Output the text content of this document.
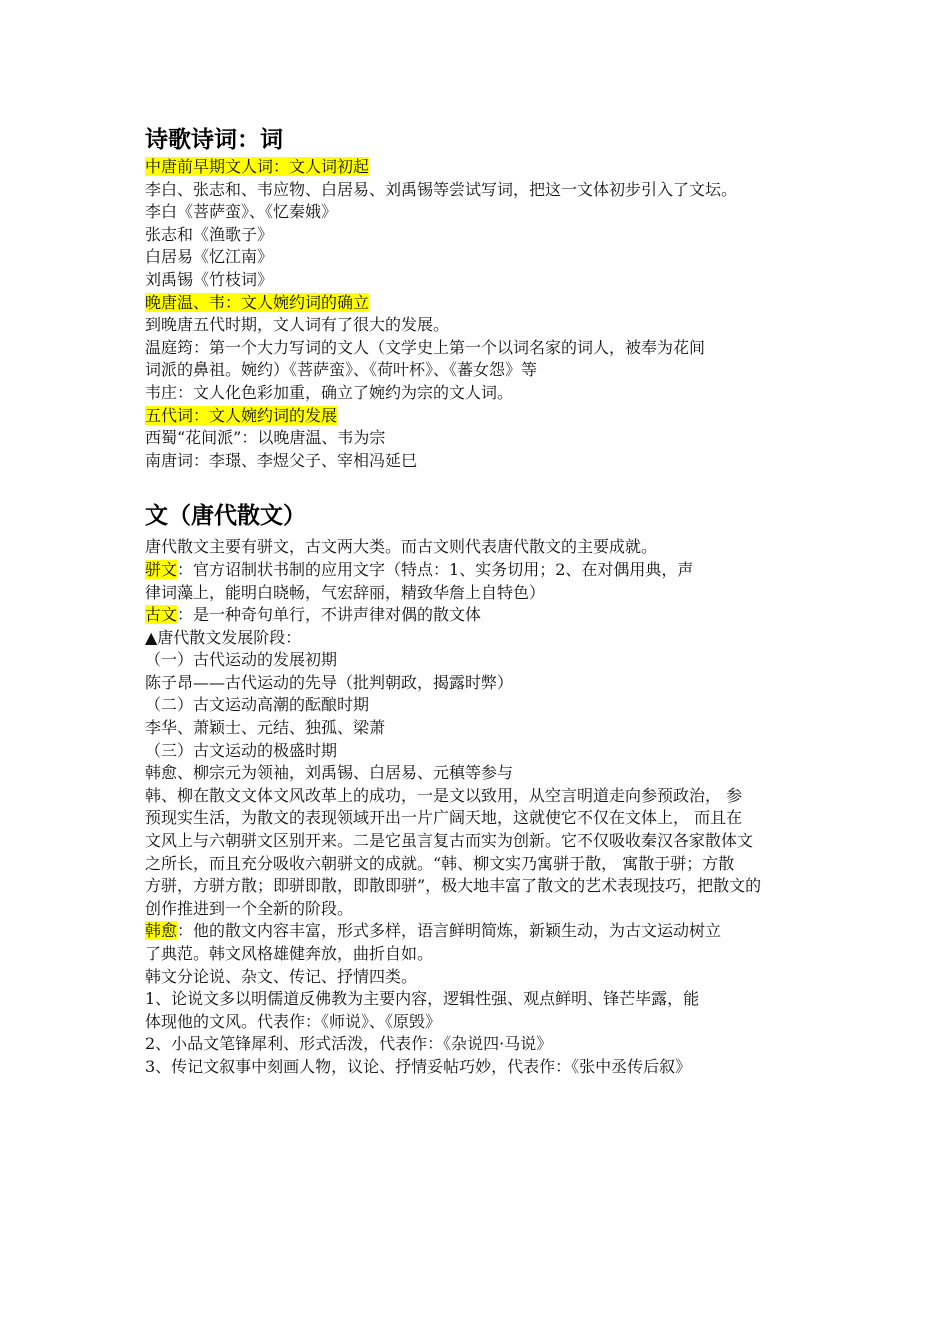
诗歌诗词：词
中唐前早期文人词：文人词初起
李白、张志和、韦应物、白居易、刘禹锡等尝试写词，把这一文体初步引入了文坛。
李白《菩萨蛮》、《忆秦娥》
张志和《渔歌子》
白居易《忆江南》
刘禹锡《竹枝词》
晚唐温、韦：文人婉约词的确立
到晚唐五代时期，文人词有了很大的发展。
温庭筠：第一个大力写词的文人（文学史上第一个以词名家的词人，被奉为花间
词派的鼻祖。婉约）《菩萨蛮》、《荷叶杯》、《蕃女怨》等
韦庄：文人化色彩加重，确立了婉约为宗的文人词。
五代词：文人婉约词的发展
西蜀“花间派”：以晚唐温、韦为宗
南唐词：李璟、李煜父子、宰相冯延巳
文（唐代散文）
唐代散文主要有骈文，古文两大类。而古文则代表唐代散文的主要成就。
骈文：官方诏制状书制的应用文字（特点：1、实务切用；2、在对偶用典，声
律词藻上，能明白晓畅，气宏辞丽，精致华詹上自特色）
古文：是一种奇句单行，不讲声律对偶的散文体
▲唐代散文发展阶段：
（一）古代运动的发展初期
陈子昂——古代运动的先导（批判朝政，揭露时弊）
（二）古文运动高潮的酝酿时期
李华、萧颖士、元结、独孤、梁萧
（三）古文运动的极盛时期
韩愈、柳宗元为领袖，刘禹锡、白居易、元稹等参与
韩、柳在散文文体文风改革上的成功，一是文以致用，从空言明道走向参预政治， 参
预现实生活，为散文的表现领域开出一片广阔天地，这就使它不仅在文体上， 而且在
文风上与六朝骈文区别开来。二是它虽言复古而实为创新。它不仅吸收秦汉各家散体文
之所长，而且充分吸收六朝骈文的成就。“韩、柳文实乃寓骈于散， 寓散于骈；方散
方骈，方骈方散；即骈即散，即散即骈”，极大地丰富了散文的艺术表现技巧，把散文的
创作推进到一个全新的阶段。
韩愈：他的散文内容丰富，形式多样，语言鲜明简炼，新颖生动，为古文运动树立
了典范。韩文风格雄健奔放，曲折自如。
韩文分论说、杂文、传记、抒情四类。
1、论说文多以明儒道反佛教为主要内容，逻辑性强、观点鲜明、锋芒毕露，能
体现他的文风。代表作：《师说》、《原毁》
2、小品文笔锋犀利、形式活泼，代表作：《杂说四·马说》
3、传记文叙事中刻画人物，议论、抒情妥帖巧妙，代表作：《张中丞传后叙》
